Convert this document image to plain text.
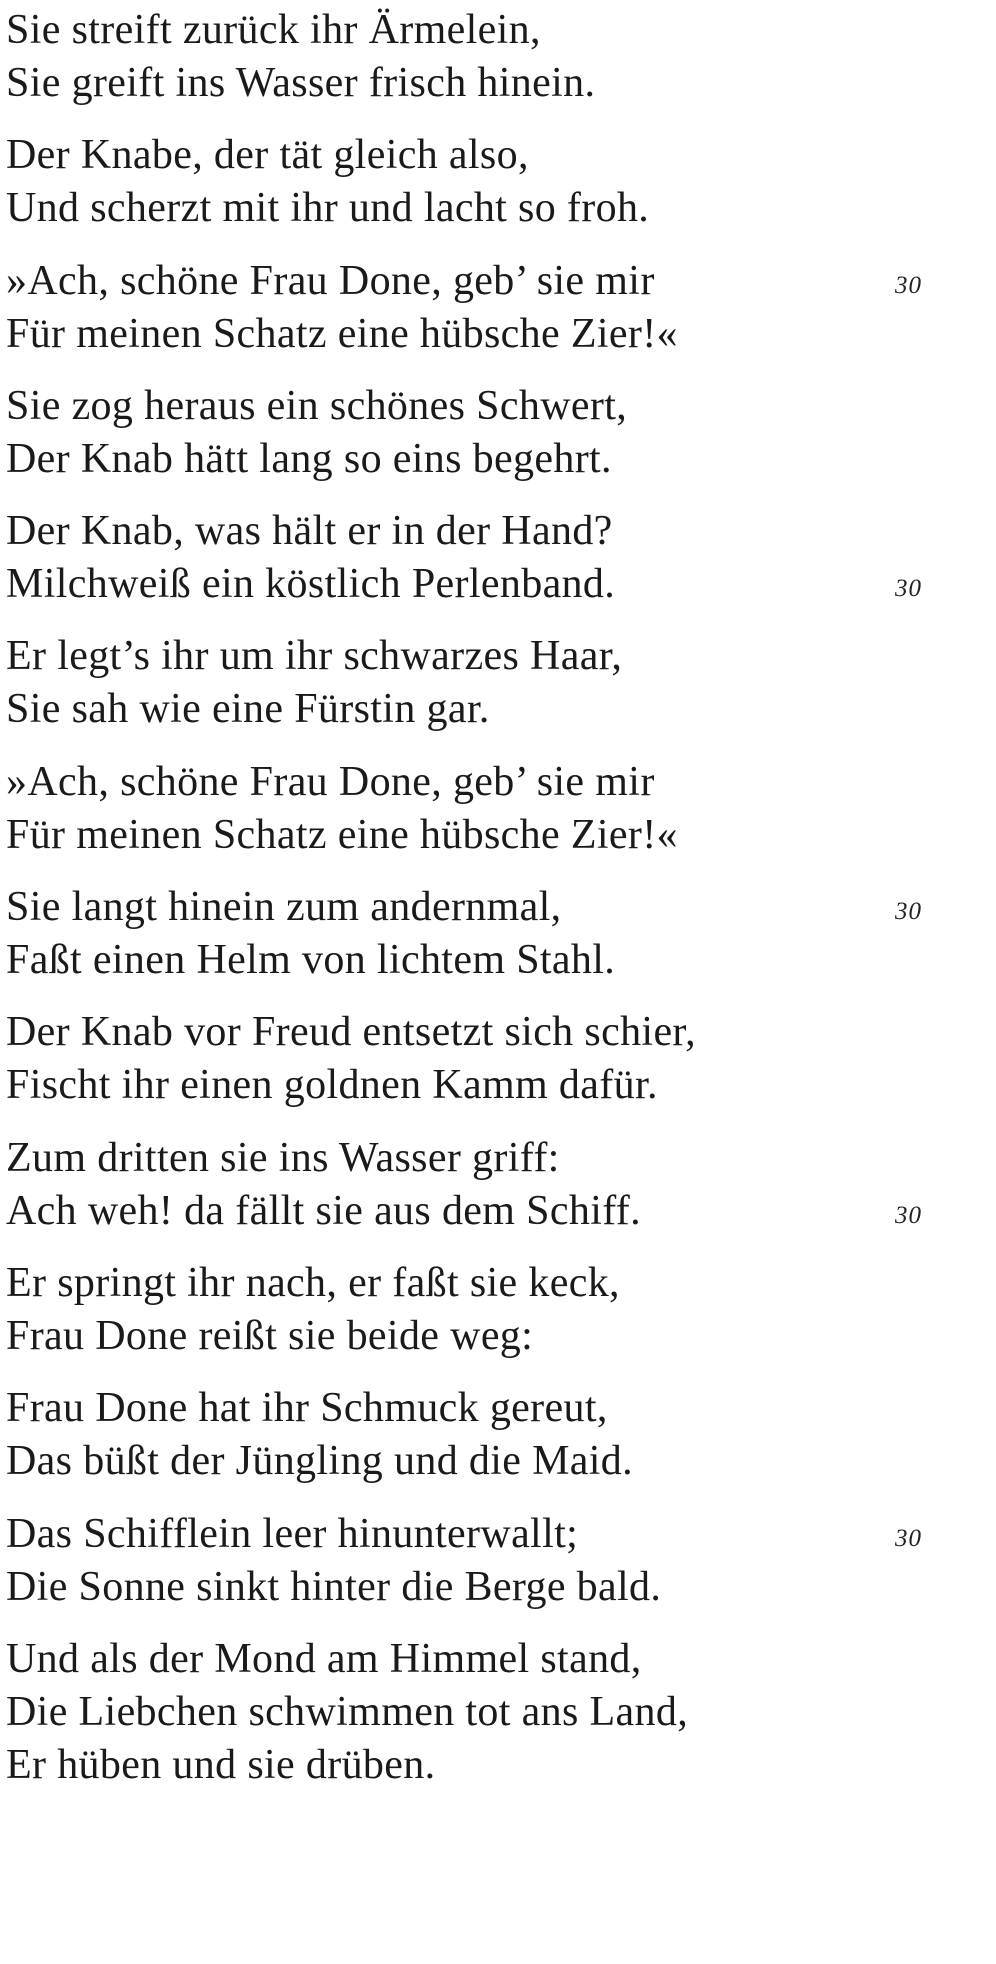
Sie streift zurück ihr Ärmelein,
Sie greift ins Wasser frisch hinein.
Der Knabe, der tät gleich also,
Und scherzt mit ihr und lacht so froh.
»Ach, schöne Frau Done, geb’ sie mir	30
Für meinen Schatz eine hübsche Zier!«
Sie zog heraus ein schönes Schwert,
Der Knab hätt lang so eins begehrt.
Der Knab, was hält er in der Hand?
Milchweiß ein köstlich Perlenband.	30
Er legt’s ihr um ihr schwarzes Haar,
Sie sah wie eine Fürstin gar.
»Ach, schöne Frau Done, geb’ sie mir
Für meinen Schatz eine hübsche Zier!«
Sie langt hinein zum andernmal,	30
Faßt einen Helm von lichtem Stahl.
Der Knab vor Freud entsetzt sich schier,
Fischt ihr einen goldnen Kamm dafür.
Zum dritten sie ins Wasser griff:
Ach weh! da fällt sie aus dem Schiff.	30
Er springt ihr nach, er faßt sie keck,
Frau Done reißt sie beide weg:
Frau Done hat ihr Schmuck gereut,
Das büßt der Jüngling und die Maid.
Das Schifflein leer hinunterwallt;	30
Die Sonne sinkt hinter die Berge bald.
Und als der Mond am Himmel stand,
Die Liebchen schwimmen tot ans Land,
Er hüben und sie drüben.
